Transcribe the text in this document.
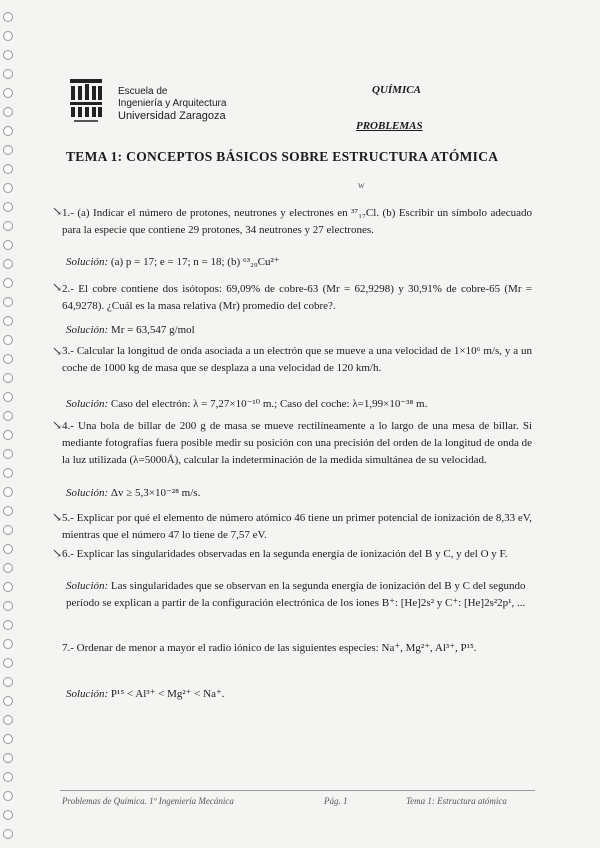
Escuela de
Ingeniería y Arquitectura
Universidad Zaragoza
QUÍMICA
PROBLEMAS
TEMA 1: CONCEPTOS BÁSICOS SOBRE ESTRUCTURA ATÓMICA
w
↘ 1.- (a) Indicar el número de protones, neutrones y electrones en ³⁷₁₇Cl. (b) Escribir un símbolo adecuado para la especie que contiene 29 protones, 34 neutrones y 27 electrones.
Solución: (a) p = 17; e = 17; n = 18; (b) ⁶³₂₉Cu²⁺
↘ 2.- El cobre contiene dos isótopos: 69,09% de cobre-63 (Mr = 62,9298) y 30,91% de cobre-65 (Mr = 64,9278). ¿Cuál es la masa relativa (Mr) promedio del cobre?.
Solución: Mr = 63,547 g/mol
↘ 3.- Calcular la longitud de onda asociada a un electrón que se mueve a una velocidad de 1×10⁶ m/s, y a un coche de 1000 kg de masa que se desplaza a una velocidad de 120 km/h.
Solución: Caso del electrón: λ = 7,27×10⁻¹⁰ m.; Caso del coche: λ=1,99×10⁻³⁸ m.
↘ 4.- Una bola de billar de 200 g de masa se mueve rectilíneamente a lo largo de una mesa de billar. Si mediante fotografías fuera posible medir su posición con una precisión del orden de la longitud de onda de la luz utilizada (λ=5000Å), calcular la indeterminación de la medida simultánea de su velocidad.
Solución: Δv ≥ 5,3×10⁻²⁸ m/s.
↘ 5.- Explicar por qué el elemento de número atómico 46 tiene un primer potencial de ionización de 8,33 eV, mientras que el número 47 lo tiene de 7,57 eV.
↘ 6.- Explicar las singularidades observadas en la segunda energía de ionización del B y C, y del O y F.
Solución: Las singularidades que se observan en la segunda energía de ionización del B y C del segundo período se explican a partir de la configuración electrónica de los iones B⁺: [He]2s² y C⁺: [He]2s²2p¹, ...
7.- Ordenar de menor a mayor el radio iónico de las siguientes especies: Na⁺, Mg²⁺, Al³⁺, P¹⁵.
Solución: P¹⁵ < Al³⁺ < Mg²⁺ < Na⁺.
Problemas de Química. 1º Ingeniería Mecánica	Pág. 1	Tema 1: Estructura atómica
